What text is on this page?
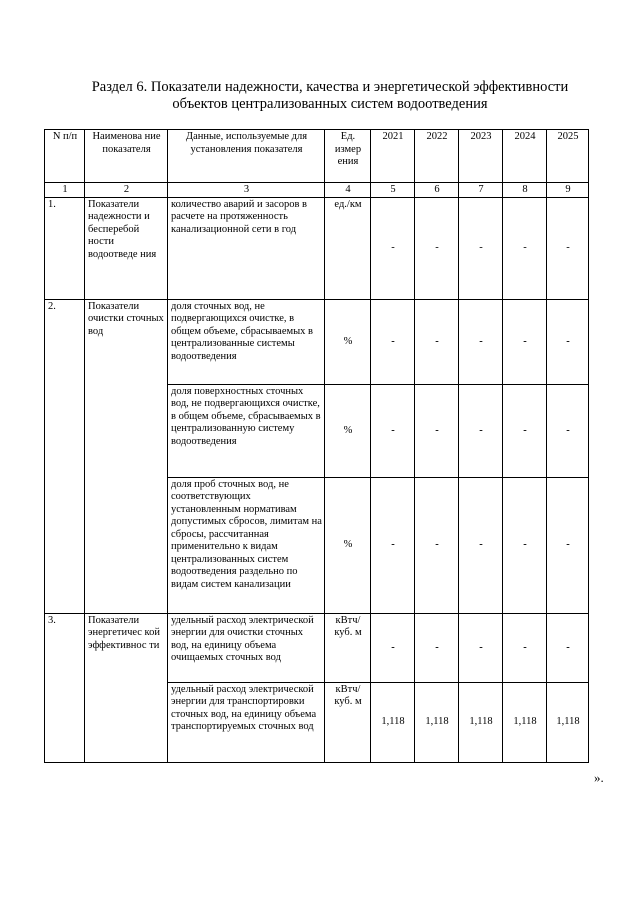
Раздел 6. Показатели надежности, качества и энергетической эффективности
объектов централизованных систем водоотведения
N п/п	Наименова ние показателя	Данные, используемые для установления показателя	Ед. измер ения	2021	2022	2023	2024	2025
1	2	3	4	5	6	7	8	9
1.	Показатели надежности и бесперебой ности водоотведе ния	количество аварий и засоров в расчете на протяженность канализационной сети в год	ед./км	-	-	-	-	-
2.	Показатели очистки сточных вод	доля сточных вод, не подвергающихся очистке, в общем объеме, сбрасываемых в централизованные системы водоотведения	%	-	-	-	-	-
		доля поверхностных сточных вод, не подвергающихся очистке, в общем объеме, сбрасываемых в централизованную систему водоотведения	%	-	-	-	-	-
		доля проб сточных вод, не соответствующих установленным нормативам допустимых сбросов, лимитам на сбросы, рассчитанная применительно к видам централизованных систем водоотведения раздельно по видам систем канализации	%	-	-	-	-	-
3.	Показатели энергетичес кой эффективнос ти	удельный расход электрической энергии для очистки сточных вод, на единицу объема очищаемых сточных вод	кВтч/ куб. м	-	-	-	-	-
		удельный расход электрической энергии для транспортировки сточных вод, на единицу объема транспортируемых сточных вод	кВтч/ куб. м	1,118	1,118	1,118	1,118	1,118
».
